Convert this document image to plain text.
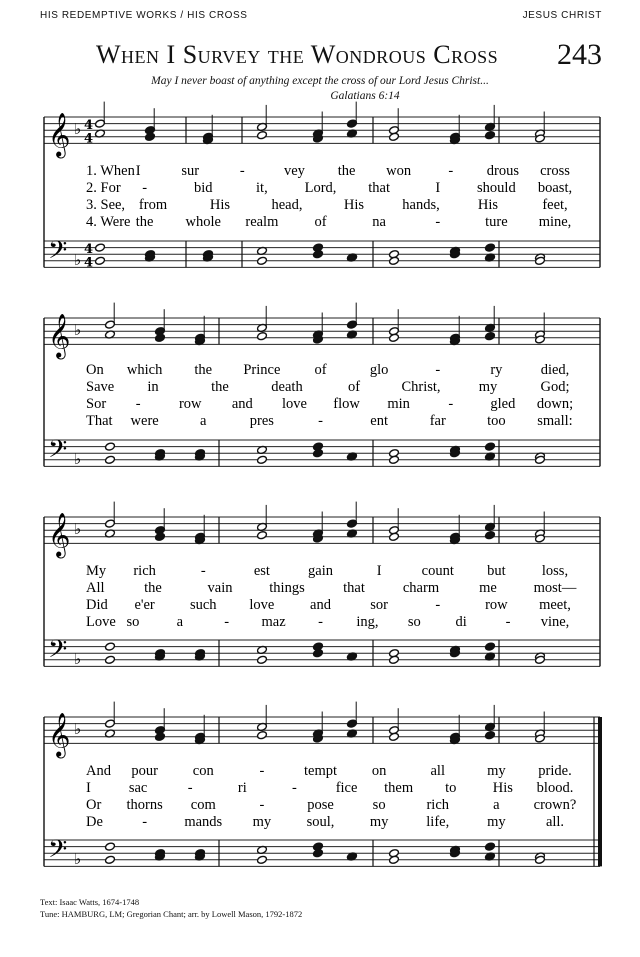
HIS REDEMPTIVE WORKS / HIS CROSS	JESUS CHRIST
When I Survey the Wondrous Cross 243
May I never boast of anything except the cross of our Lord Jesus Christ...
Galatians 6:14
𝄞
𝄢
♭
♭
4
4
4
4
𝄞
𝄢
♭
♭
𝄞
𝄢
♭
♭
𝄞
𝄢
♭
♭
1. When I	sur	-	vey the won	- drous cross
2. For -	bid	it,	Lord, that	I	should boast,
3. See, from	His	head,	His	hands,	His	feet,
4. Were the whole realm of	na	-	ture mine,
On which the Prince of	glo	-	ry	died,
Save in	the	death	of	Christ,	my	God;
Sor -	row and love flow min	-	gled down;
That were	a	pres	-	ent	far	too small:
My rich	-	est	gain	I	count but	loss,
All	the	vain	things	that	charm	me	most—
Did e'er such love and	sor	-	row meet,
Love so	a	- maz - ing, so di	- vine,
And pour con	-	tempt on	all	my pride.
I	sac	-	ri	-	fice them to	His blood.
Or thorns com	-	pose	so	rich	a crown?
De	-	mands my soul, my	life,	my	all.
Text: Isaac Watts, 1674-1748
Tune: HAMBURG, LM; Gregorian Chant; arr. by Lowell Mason, 1792-1872
